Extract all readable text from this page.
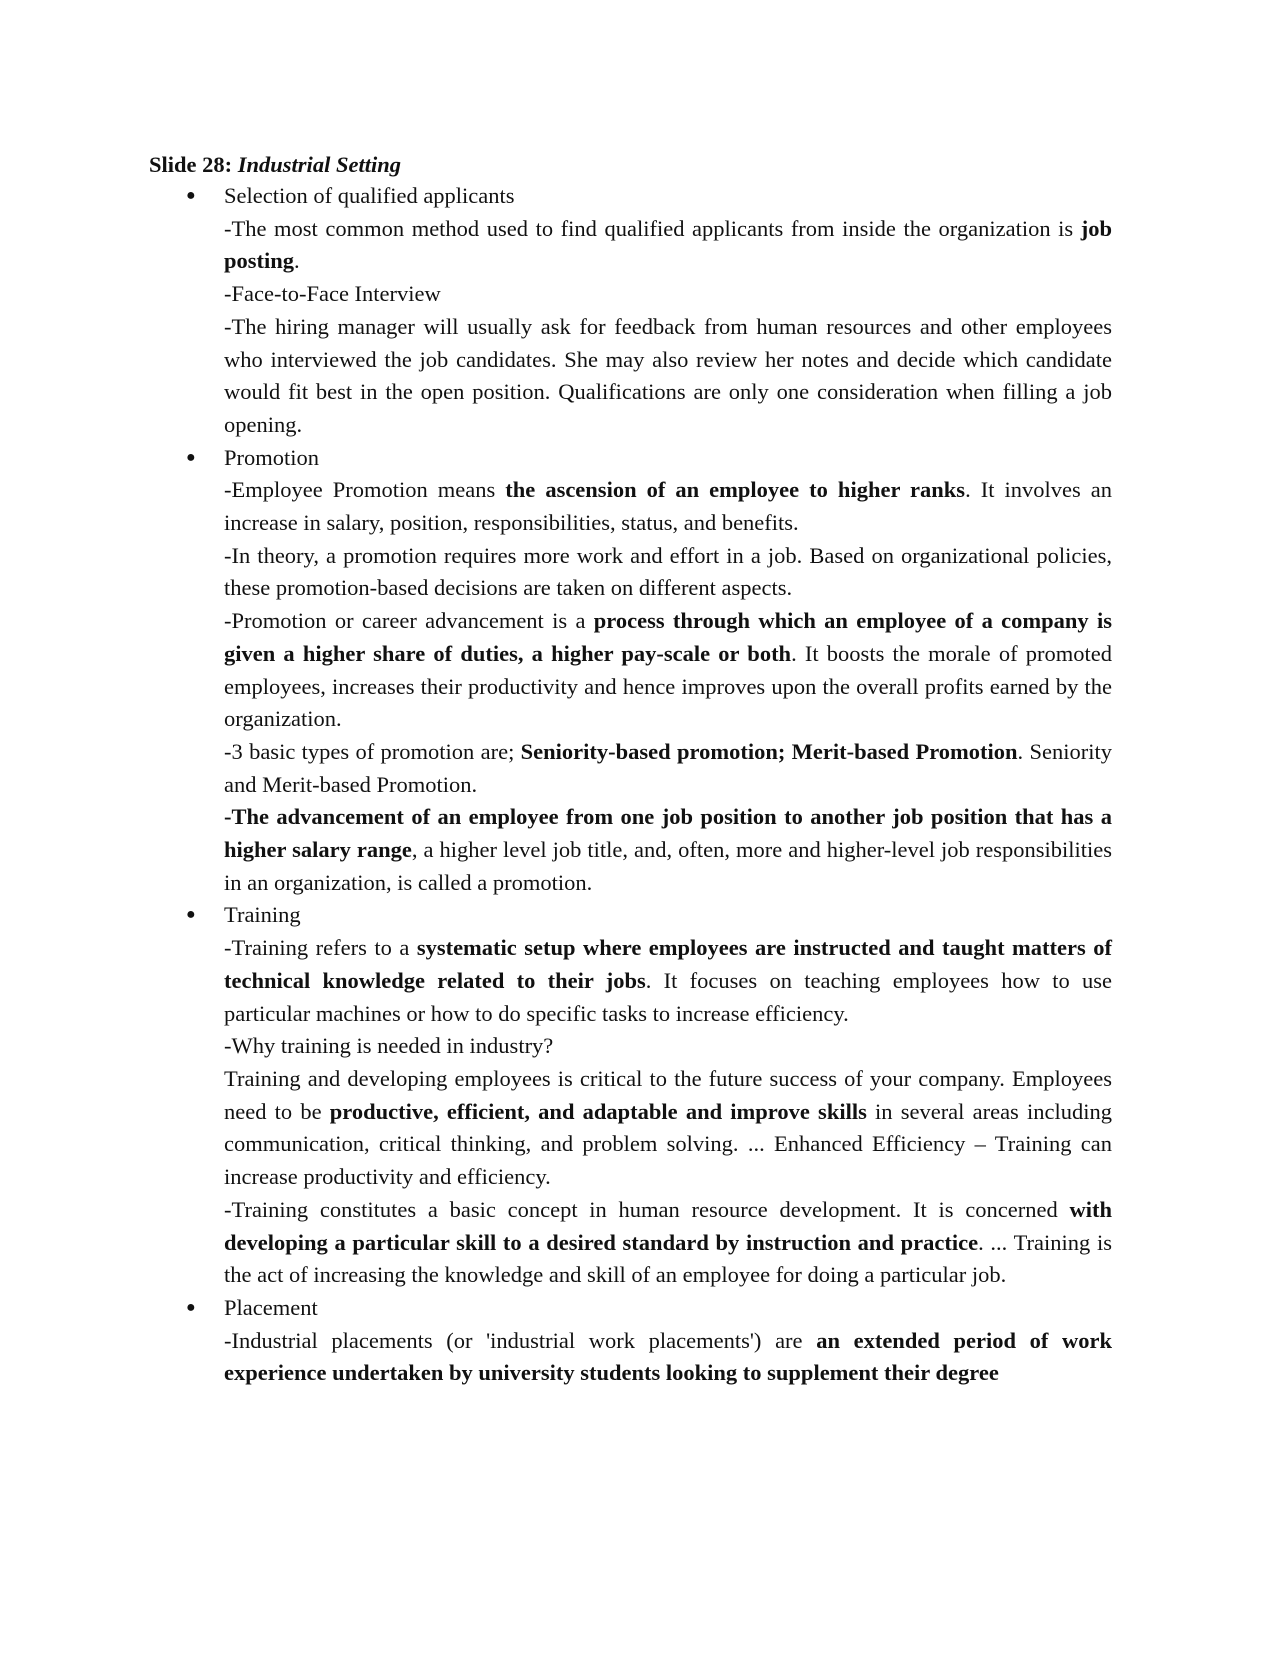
Slide 28: Industrial Setting
● Selection of qualified applicants
-The most common method used to find qualified applicants from inside the organization is job posting.
-Face-to-Face Interview
-The hiring manager will usually ask for feedback from human resources and other employees who interviewed the job candidates. She may also review her notes and decide which candidate would fit best in the open position. Qualifications are only one consideration when filling a job opening.
● Promotion
-Employee Promotion means the ascension of an employee to higher ranks. It involves an increase in salary, position, responsibilities, status, and benefits.
-In theory, a promotion requires more work and effort in a job. Based on organizational policies, these promotion-based decisions are taken on different aspects.
-Promotion or career advancement is a process through which an employee of a company is given a higher share of duties, a higher pay-scale or both. It boosts the morale of promoted employees, increases their productivity and hence improves upon the overall profits earned by the organization.
-3 basic types of promotion are; Seniority-based promotion; Merit-based Promotion. Seniority and Merit-based Promotion.
-The advancement of an employee from one job position to another job position that has a higher salary range, a higher level job title, and, often, more and higher-level job responsibilities in an organization, is called a promotion.
● Training
-Training refers to a systematic setup where employees are instructed and taught matters of technical knowledge related to their jobs. It focuses on teaching employees how to use particular machines or how to do specific tasks to increase efficiency.
-Why training is needed in industry?
Training and developing employees is critical to the future success of your company. Employees need to be productive, efficient, and adaptable and improve skills in several areas including communication, critical thinking, and problem solving. ... Enhanced Efficiency – Training can increase productivity and efficiency.
-Training constitutes a basic concept in human resource development. It is concerned with developing a particular skill to a desired standard by instruction and practice. ... Training is the act of increasing the knowledge and skill of an employee for doing a particular job.
● Placement
-Industrial placements (or 'industrial work placements') are an extended period of work experience undertaken by university students looking to supplement their degree
